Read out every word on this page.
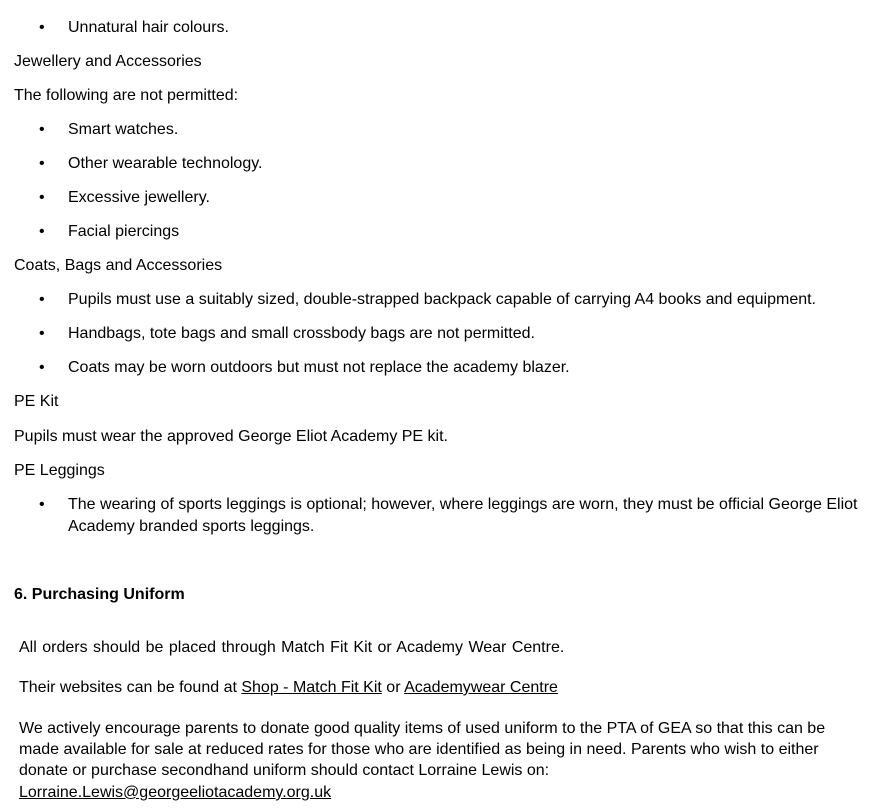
• Unnatural hair colours.
Jewellery and Accessories
The following are not permitted:
• Smart watches.
• Other wearable technology.
• Excessive jewellery.
• Facial piercings
Coats, Bags and Accessories
• Pupils must use a suitably sized, double-strapped backpack capable of carrying A4 books and equipment.
• Handbags, tote bags and small crossbody bags are not permitted.
• Coats may be worn outdoors but must not replace the academy blazer.
PE Kit
Pupils must wear the approved George Eliot Academy PE kit.
PE Leggings
• The wearing of sports leggings is optional; however, where leggings are worn, they must be official George Eliot Academy branded sports leggings.
6. Purchasing Uniform
All orders should be placed through Match Fit Kit or Academy Wear Centre.
Their websites can be found at Shop - Match Fit Kit or Academywear Centre
We actively encourage parents to donate good quality items of used uniform to the PTA of GEA so that this can be made available for sale at reduced rates for those who are identified as being in need. Parents who wish to either donate or purchase secondhand uniform should contact Lorraine Lewis on:
Lorraine.Lewis@georgeeliotacademy.org.uk
